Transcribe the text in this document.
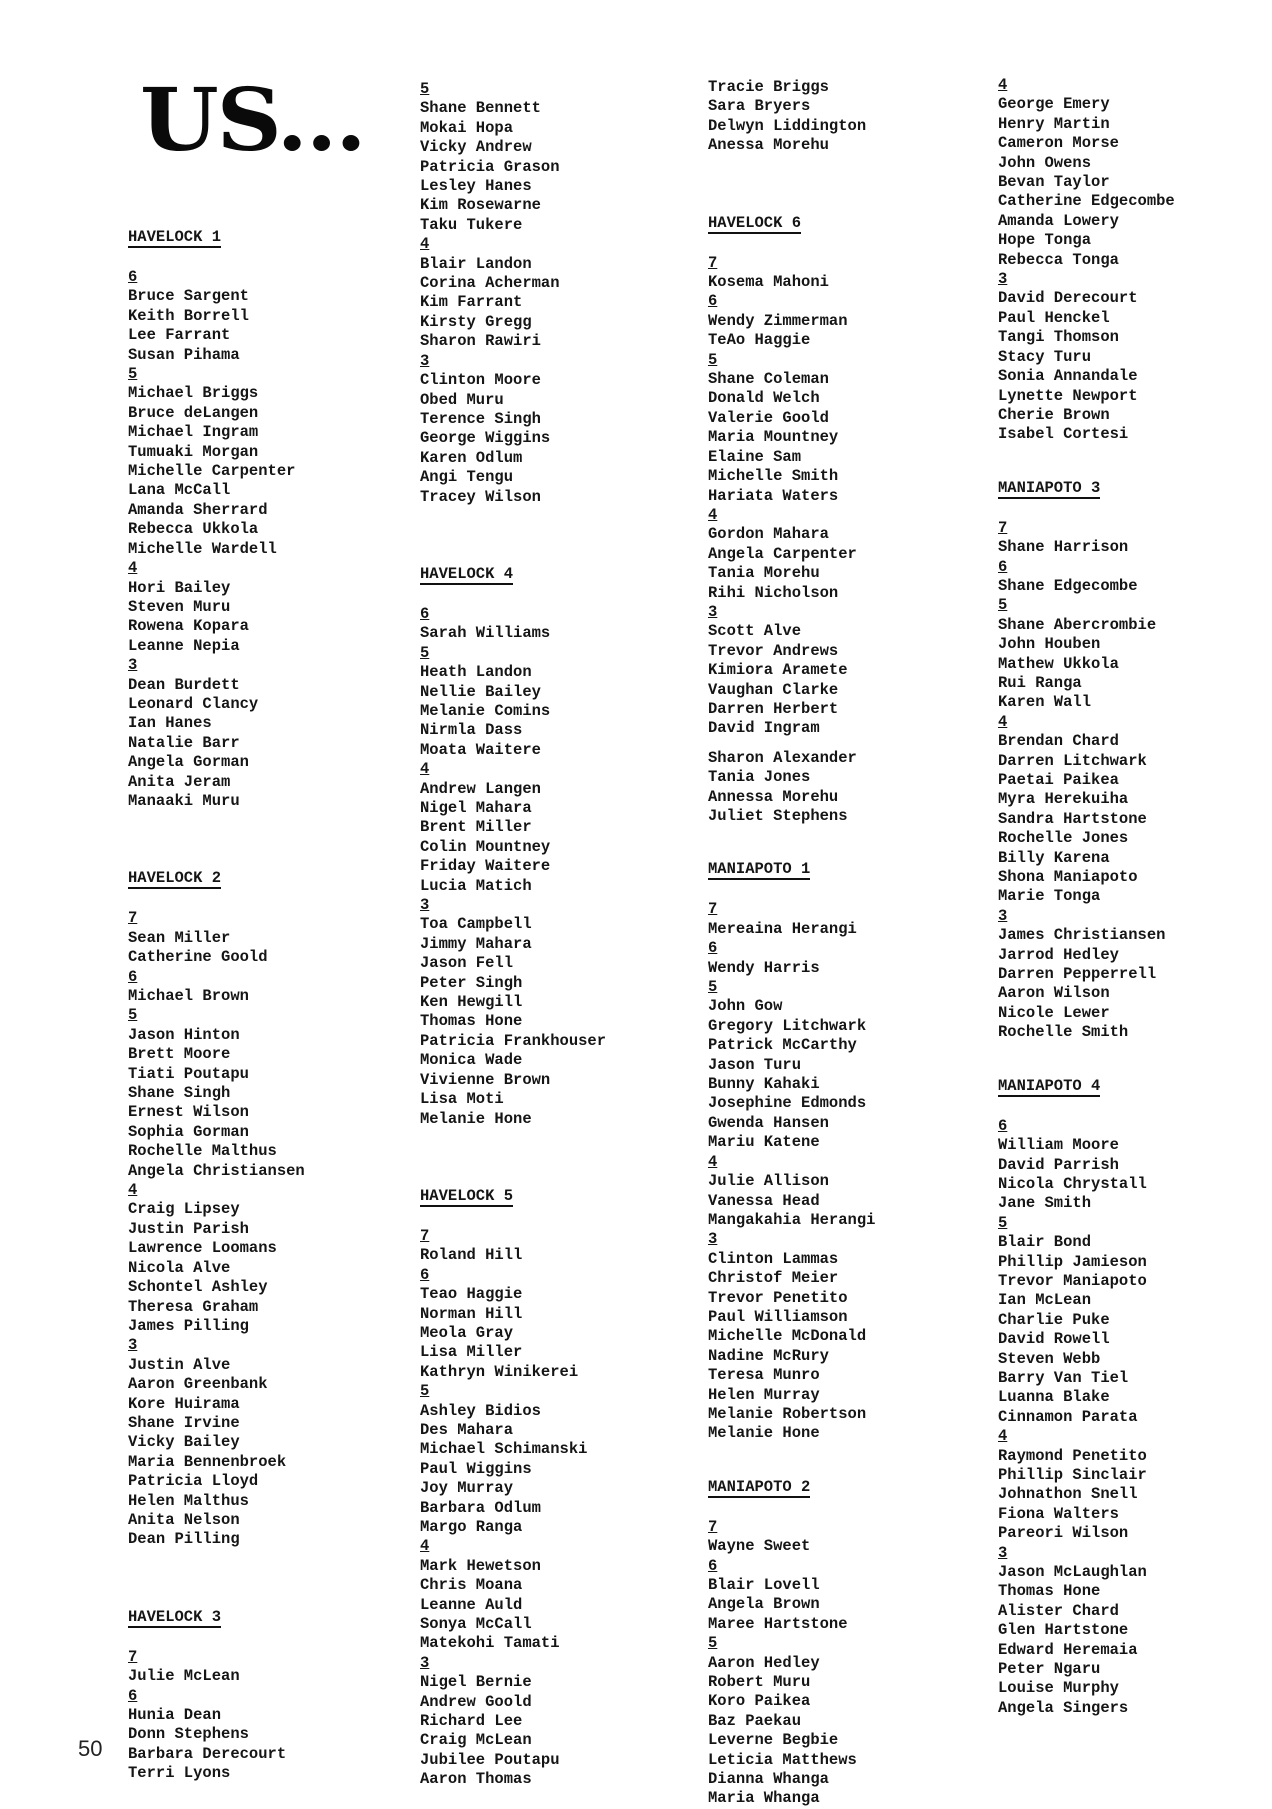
US...
HAVELOCK 1
6
Bruce Sargent
Keith Borrell
Lee Farrant
Susan Pihama
5
Michael Briggs
Bruce deLangen
Michael Ingram
Tumuaki Morgan
Michelle Carpenter
Lana McCall
Amanda Sherrard
Rebecca Ukkola
Michelle Wardell
4
Hori Bailey
Steven Muru
Rowena Kopara
Leanne Nepia
3
Dean Burdett
Leonard Clancy
Ian Hanes
Natalie Barr
Angela Gorman
Anita Jeram
Manaaki Muru
HAVELOCK 2
7
Sean Miller
Catherine Goold
6
Michael Brown
5
Jason Hinton
Brett Moore
Tiati Poutapu
Shane Singh
Ernest Wilson
Sophia Gorman
Rochelle Malthus
Angela Christiansen
4
Craig Lipsey
Justin Parish
Lawrence Loomans
Nicola Alve
Schontel Ashley
Theresa Graham
James Pilling
3
Justin Alve
Aaron Greenbank
Kore Huirama
Shane Irvine
Vicky Bailey
Maria Bennenbroek
Patricia Lloyd
Helen Malthus
Anita Nelson
Dean Pilling
HAVELOCK 3
7
Julie McLean
6
Hunia Dean
Donn Stephens
Barbara Derecourt
Terri Lyons
5
Shane Bennett
Mokai Hopa
Vicky Andrew
Patricia Grason
Lesley Hanes
Kim Rosewarne
Taku Tukere
4
Blair Landon
Corina Acherman
Kim Farrant
Kirsty Gregg
Sharon Rawiri
3
Clinton Moore
Obed Muru
Terence Singh
George Wiggins
Karen Odlum
Angi Tengu
Tracey Wilson
HAVELOCK 4
6
Sarah Williams
5
Heath Landon
Nellie Bailey
Melanie Comins
Nirmla Dass
Moata Waitere
4
Andrew Langen
Nigel Mahara
Brent Miller
Colin Mountney
Friday Waitere
Lucia Matich
3
Toa Campbell
Jimmy Mahara
Jason Fell
Peter Singh
Ken Hewgill
Thomas Hone
Patricia Frankhouser
Monica Wade
Vivienne Brown
Lisa Moti
Melanie Hone
HAVELOCK 5
7
Roland Hill
6
Teao Haggie
Norman Hill
Meola Gray
Lisa Miller
Kathryn Winikerei
5
Ashley Bidios
Des Mahara
Michael Schimanski
Paul Wiggins
Joy Murray
Barbara Odlum
Margo Ranga
4
Mark Hewetson
Chris Moana
Leanne Auld
Sonya McCall
Matekohi Tamati
3
Nigel Bernie
Andrew Goold
Richard Lee
Craig McLean
Jubilee Poutapu
Aaron Thomas
Tracie Briggs
Sara Bryers
Delwyn Liddington
Anessa Morehu
HAVELOCK 6
7
Kosema Mahoni
6
Wendy Zimmerman
TeAo Haggie
5
Shane Coleman
Donald Welch
Valerie Goold
Maria Mountney
Elaine Sam
Michelle Smith
Hariata Waters
4
Gordon Mahara
Angela Carpenter
Tania Morehu
Rihi Nicholson
3
Scott Alve
Trevor Andrews
Kimiora Aramete
Vaughan Clarke
Darren Herbert
David Ingram
Sharon Alexander
Tania Jones
Annessa Morehu
Juliet Stephens
MANIAPOTO 1
7
Mereaina Herangi
6
Wendy Harris
5
John Gow
Gregory Litchwark
Patrick McCarthy
Jason Turu
Bunny Kahaki
Josephine Edmonds
Gwenda Hansen
Mariu Katene
4
Julie Allison
Vanessa Head
Mangakahia Herangi
3
Clinton Lammas
Christof Meier
Trevor Penetito
Paul Williamson
Michelle McDonald
Nadine McRury
Teresa Munro
Helen Murray
Melanie Robertson
Melanie Hone
MANIAPOTO 2
7
Wayne Sweet
6
Blair Lovell
Angela Brown
Maree Hartstone
5
Aaron Hedley
Robert Muru
Koro Paikea
Baz Paekau
Leverne Begbie
Leticia Matthews
Dianna Whanga
Maria Whanga
4
George Emery
Henry Martin
Cameron Morse
John Owens
Bevan Taylor
Catherine Edgecombe
Amanda Lowery
Hope Tonga
Rebecca Tonga
3
David Derecourt
Paul Henckel
Tangi Thomson
Stacy Turu
Sonia Annandale
Lynette Newport
Cherie Brown
Isabel Cortesi
MANIAPOTO 3
7
Shane Harrison
6
Shane Edgecombe
5
Shane Abercrombie
John Houben
Mathew Ukkola
Rui Ranga
Karen Wall
4
Brendan Chard
Darren Litchwark
Paetai Paikea
Myra Herekuiha
Sandra Hartstone
Rochelle Jones
Billy Karena
Shona Maniapoto
Marie Tonga
3
James Christiansen
Jarrod Hedley
Darren Pepperrell
Aaron Wilson
Nicole Lewer
Rochelle Smith
MANIAPOTO 4
6
William Moore
David Parrish
Nicola Chrystall
Jane Smith
5
Blair Bond
Phillip Jamieson
Trevor Maniapoto
Ian McLean
Charlie Puke
David Rowell
Steven Webb
Barry Van Tiel
Luanna Blake
Cinnamon Parata
4
Raymond Penetito
Phillip Sinclair
Johnathon Snell
Fiona Walters
Pareori Wilson
3
Jason McLaughlan
Thomas Hone
Alister Chard
Glen Hartstone
Edward Heremaia
Peter Ngaru
Louise Murphy
Angela Singers
50
